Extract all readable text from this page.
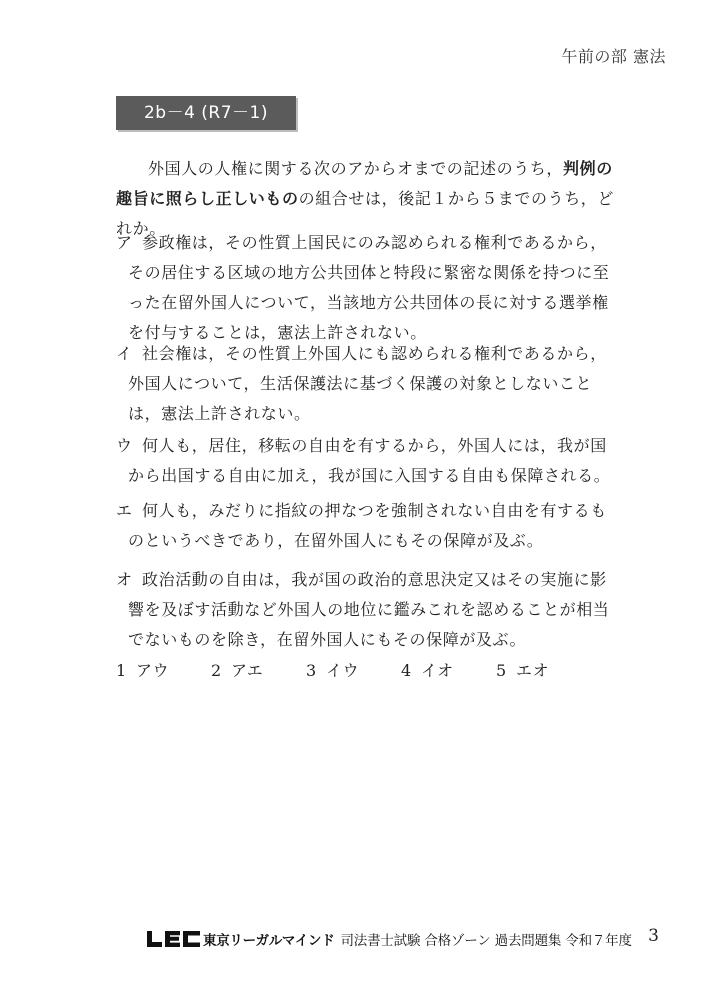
午前の部 憲法
2b－4 (R7－1)
外国人の人権に関する次のアからオまでの記述のうち，判例の趣旨に照らし正しいものの組合せは，後記１から５までのうち，どれか。
ア 参政権は，その性質上国民にのみ認められる権利であるから，その居住する区域の地方公共団体と特段に緊密な関係を持つに至った在留外国人について，当該地方公共団体の長に対する選挙権を付与することは，憲法上許されない。
イ 社会権は，その性質上外国人にも認められる権利であるから，外国人について，生活保護法に基づく保護の対象としないことは，憲法上許されない。
ウ 何人も，居住，移転の自由を有するから，外国人には，我が国から出国する自由に加え，我が国に入国する自由も保障される。
エ 何人も，みだりに指紋の押なつを強制されない自由を有するものというべきであり，在留外国人にもその保障が及ぶ。
オ 政治活動の自由は，我が国の政治的意思決定又はその実施に影響を及ぼす活動など外国人の地位に鑑みこれを認めることが相当でないものを除き，在留外国人にもその保障が及ぶ。
1 アウ	2 アエ	3 イウ	4 イオ	5 エオ
東京リーガルマインド 司法書士試験 合格ゾーン 過去問題集 令和７年度 3
